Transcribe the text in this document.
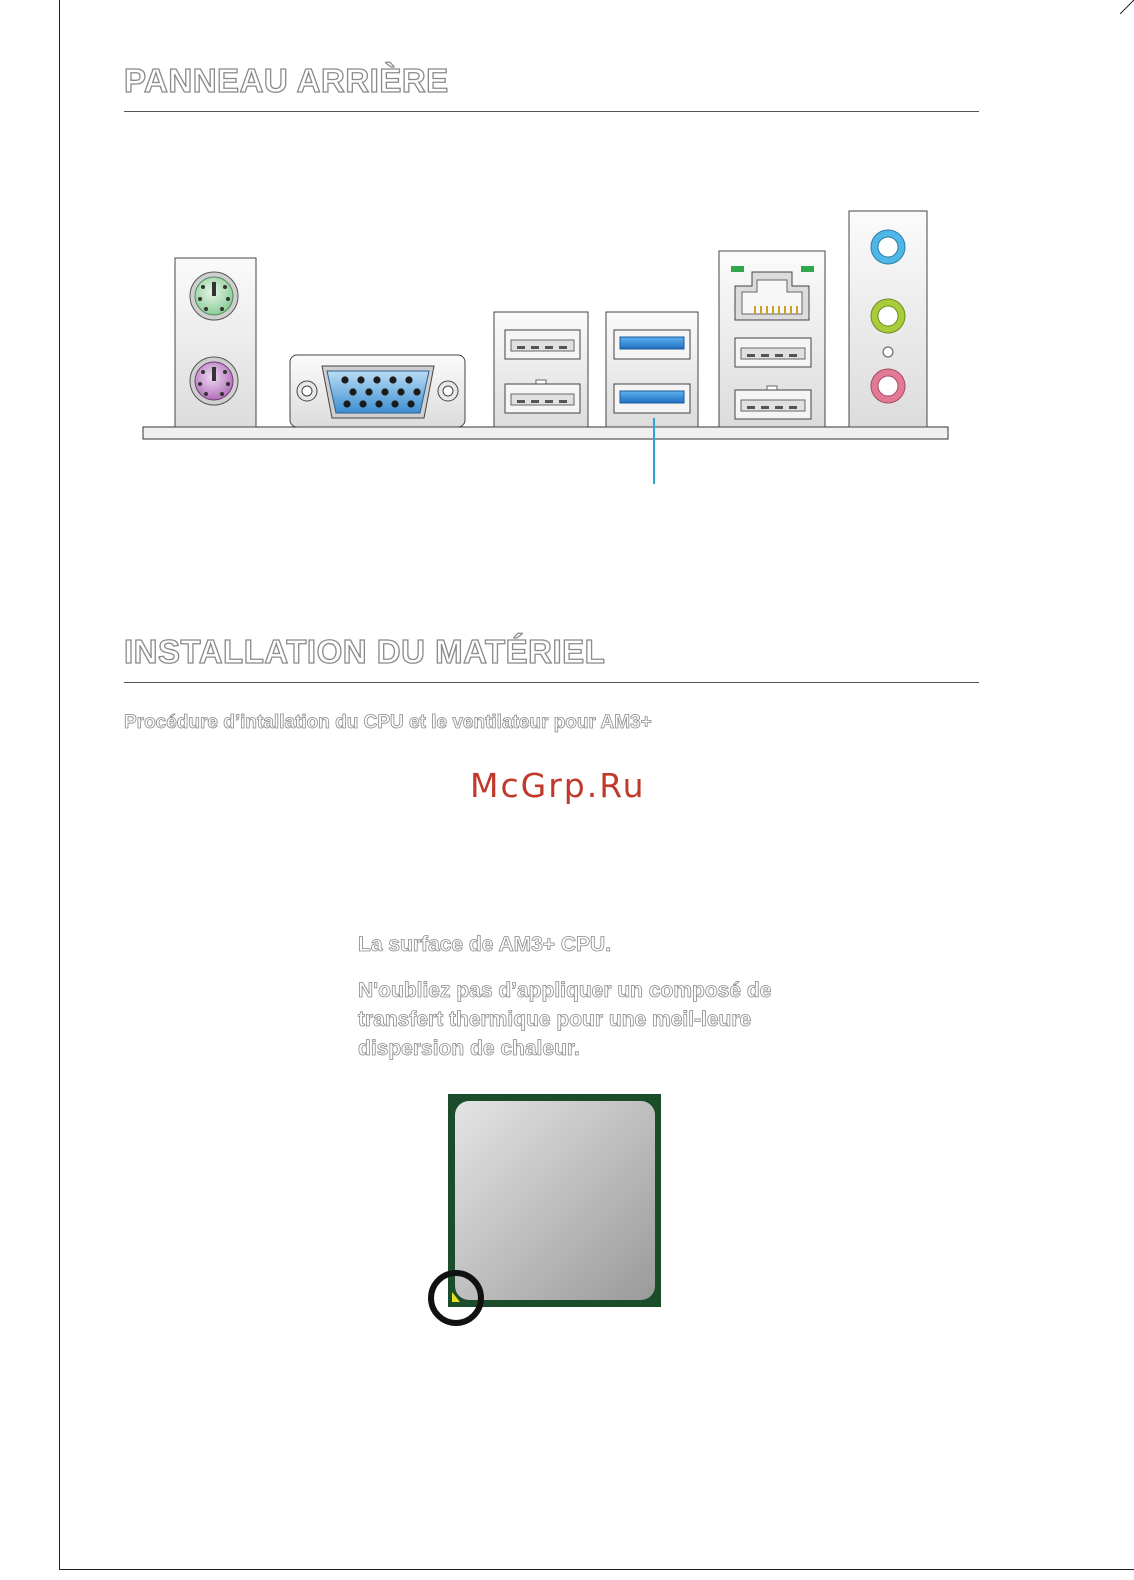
PANNEAU ARRIÈRE
INSTALLATION DU MATÉRIEL
Procédure d’intallation du CPU et le ventilateur pour AM3+

McGrp.Ru

La surface de AM3+ CPU.

N'oubliez pas d’appliquer un composé de transfert thermique pour une meil-leure dispersion de chaleur.
